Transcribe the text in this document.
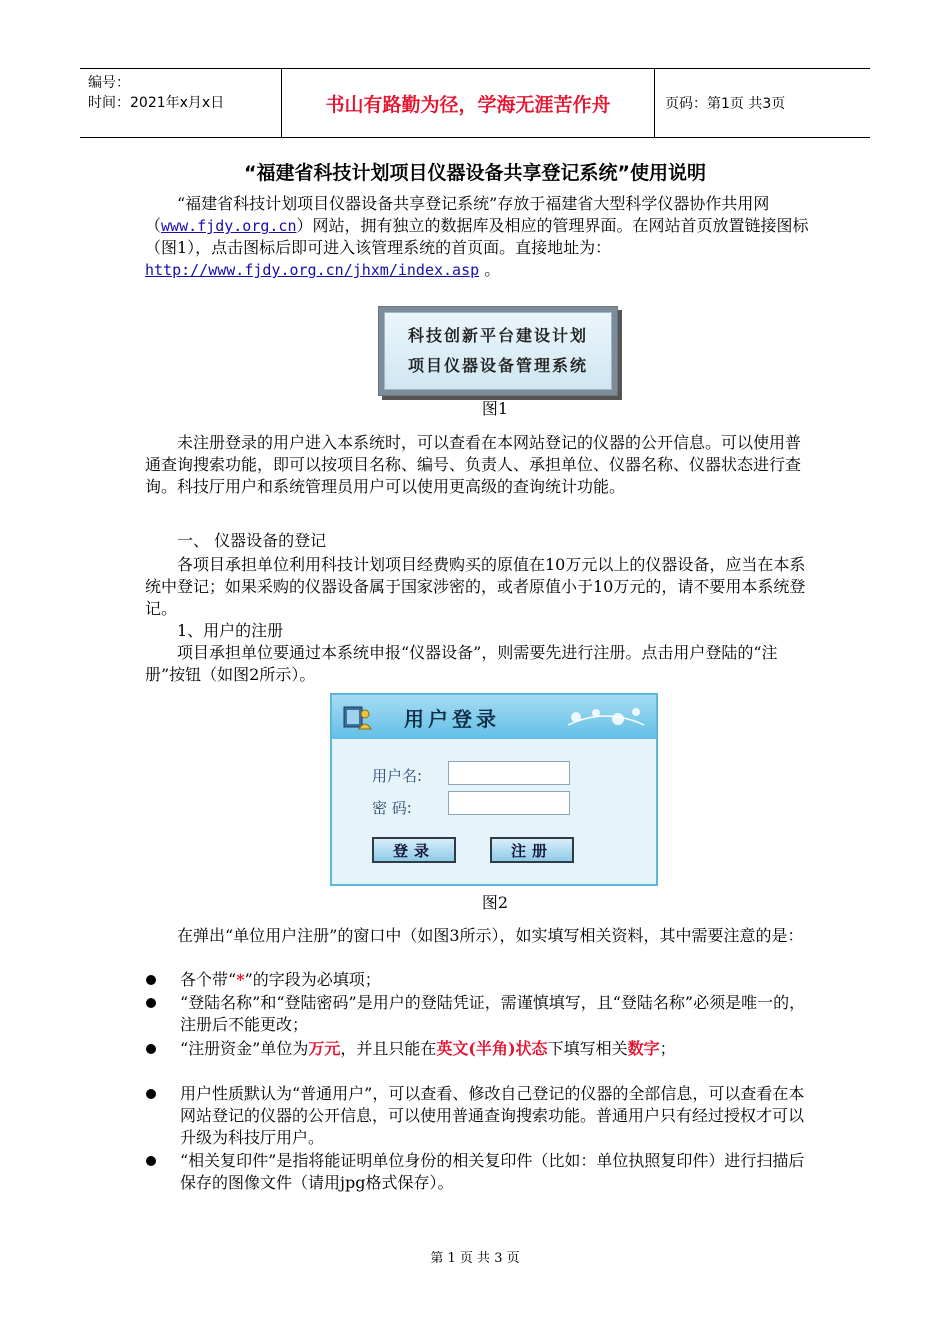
编号：
时间：2021年x月x日	书山有路勤为径，学海无涯苦作舟	页码：第1页 共3页
“福建省科技计划项目仪器设备共享登记系统”使用说明
“福建省科技计划项目仪器设备共享登记系统”存放于福建省大型科学仪器协作共用网（www.fjdy.org.cn）网站，拥有独立的数据库及相应的管理界面。在网站首页放置链接图标（图1），点击图标后即可进入该管理系统的首页面。直接地址为：http://www.fjdy.org.cn/jhxm/index.asp 。
科技创新平台建设计划
项目仪器设备管理系统
图1
未注册登录的用户进入本系统时，可以查看在本网站登记的仪器的公开信息。可以使用普通查询搜索功能，即可以按项目名称、编号、负责人、承担单位、仪器名称、仪器状态进行查询。科技厅用户和系统管理员用户可以使用更高级的查询统计功能。
一、 仪器设备的登记
各项目承担单位利用科技计划项目经费购买的原值在10万元以上的仪器设备，应当在本系统中登记；如果采购的仪器设备属于国家涉密的，或者原值小于10万元的，请不要用本系统登记。
1、用户的注册
项目承担单位要通过本系统申报“仪器设备”，则需要先进行注册。点击用户登陆的“注册”按钮（如图2所示）。
用户登录
用户名:
密 码:
登录	注册
图2
在弹出“单位用户注册”的窗口中（如图3所示），如实填写相关资料，其中需要注意的是：
各个带“*”的字段为必填项；
“登陆名称”和“登陆密码”是用户的登陆凭证，需谨慎填写，且“登陆名称”必须是唯一的，注册后不能更改；
“注册资金”单位为万元，并且只能在英文(半角)状态下填写相关数字；
用户性质默认为“普通用户”，可以查看、修改自己登记的仪器的全部信息，可以查看在本网站登记的仪器的公开信息，可以使用普通查询搜索功能。普通用户只有经过授权才可以升级为科技厅用户。
“相关复印件”是指将能证明单位身份的相关复印件（比如：单位执照复印件）进行扫描后保存的图像文件（请用jpg格式保存）。
第 1 页 共 3 页
